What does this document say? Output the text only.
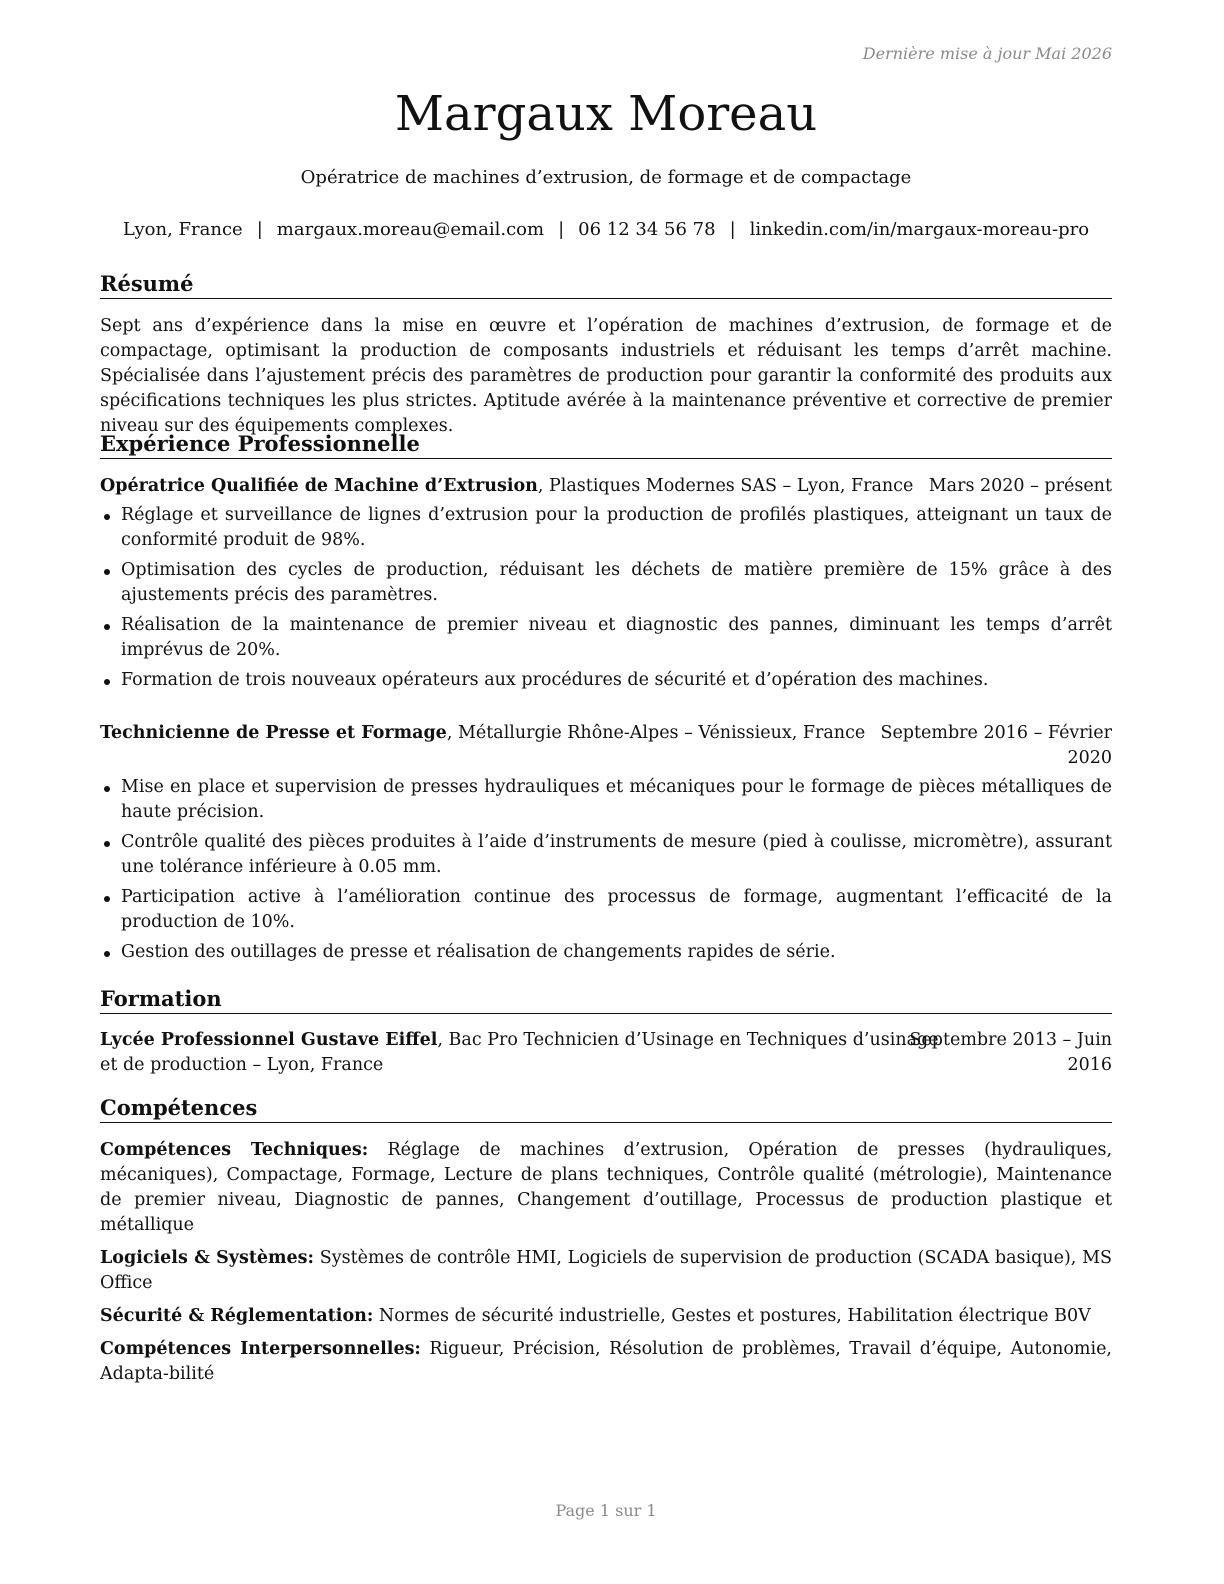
Dernière mise à jour Mai 2026
Margaux Moreau
Opératrice de machines d’extrusion, de formage et de compactage
Lyon, France | margaux.moreau@email.com | 06 12 34 56 78 | linkedin.com/in/margaux-moreau-pro
Résumé
Sept ans d’expérience dans la mise en œuvre et l’opération de machines d’extrusion, de formage et de compactage, optimisant la production de composants industriels et réduisant les temps d’arrêt machine. Spécialisée dans l’ajustement précis des paramètres de production pour garantir la conformité des produits aux spécifications techniques les plus strictes. Aptitude avérée à la maintenance préventive et corrective de premier niveau sur des équipements complexes.
Expérience Professionnelle
Opératrice Qualifiée de Machine d’Extrusion, Plastiques Modernes SAS – Lyon, France Mars 2020 – présent
Réglage et surveillance de lignes d’extrusion pour la production de profilés plastiques, atteignant un taux de conformité produit de 98%.
Optimisation des cycles de production, réduisant les déchets de matière première de 15% grâce à des ajustements précis des paramètres.
Réalisation de la maintenance de premier niveau et diagnostic des pannes, diminuant les temps d’arrêt imprévus de 20%.
Formation de trois nouveaux opérateurs aux procédures de sécurité et d’opération des machines.
Technicienne de Presse et Formage, Métallurgie Rhône-Alpes – Vénissieux, France Septembre 2016 – Février
2020
Mise en place et supervision de presses hydrauliques et mécaniques pour le formage de pièces métalliques de haute précision.
Contrôle qualité des pièces produites à l’aide d’instruments de mesure (pied à coulisse, micromètre), assurant une tolérance inférieure à 0.05 mm.
Participation active à l’amélioration continue des processus de formage, augmentant l’efficacité de la production de 10%.
Gestion des outillages de presse et réalisation de changements rapides de série.
Formation
Lycée Professionnel Gustave Eiffel, Bac Pro Technicien d’Usinage en Techniques d’usinage
et de production – Lyon, France
Septembre 2013 – Juin
2016
Compétences
Compétences Techniques: Réglage de machines d’extrusion, Opération de presses (hydrauliques, mécaniques), Compactage, Formage, Lecture de plans techniques, Contrôle qualité (métrologie), Maintenance de premier niveau, Diagnostic de pannes, Changement d’outillage, Processus de production plastique et métallique
Logiciels & Systèmes: Systèmes de contrôle HMI, Logiciels de supervision de production (SCADA basique), MS Office
Sécurité & Réglementation: Normes de sécurité industrielle, Gestes et postures, Habilitation électrique B0V
Compétences Interpersonnelles: Rigueur, Précision, Résolution de problèmes, Travail d’équipe, Autonomie, Adapta-bilité
Page 1 sur 1
